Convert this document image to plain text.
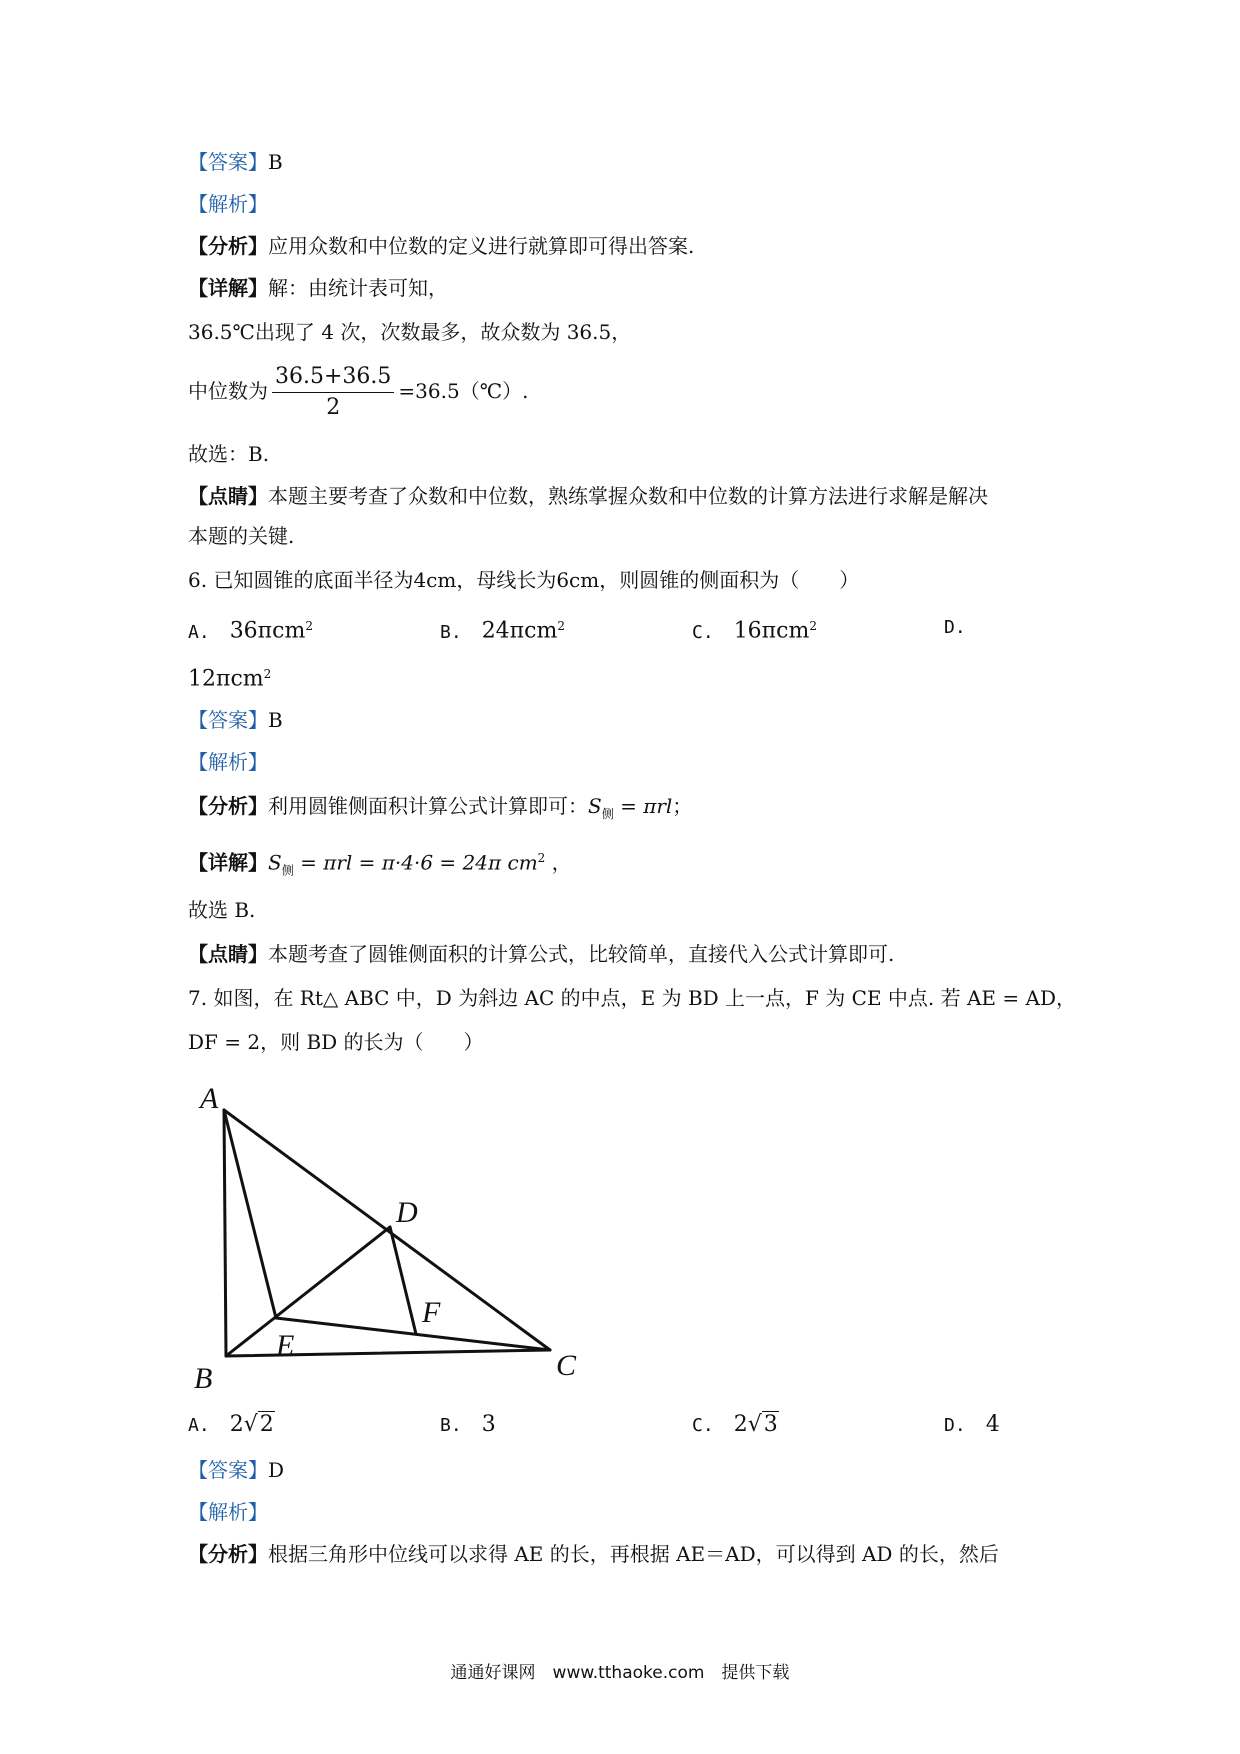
【答案】B
【解析】
【分析】应用众数和中位数的定义进行就算即可得出答案.
【详解】解：由统计表可知，
36.5℃出现了 4 次，次数最多，故众数为 36.5，
中位数为 $\frac{36.5+36.5}{2}$ =36.5（℃）.
故选：B.
【点睛】本题主要考查了众数和中位数，熟练掌握众数和中位数的计算方法进行求解是解决
本题的关键.
6. 已知圆锥的底面半径为4cm，母线长为6cm，则圆锥的侧面积为（　　）
A. 36πcm$^2$	B. 24πcm$^2$	C. 16πcm$^2$	D.
12πcm$^2$
【答案】B
【解析】
【分析】利用圆锥侧面积计算公式计算即可：$S_侧 = \pi rl$；
【详解】$S_侧 = \pi rl = \pi\cdot 4\cdot 6 = 24\pi$ $cm^2$ ，
故选 B.
【点睛】本题考查了圆锥侧面积的计算公式，比较简单，直接代入公式计算即可.
7. 如图，在 Rt△ ABC 中，D 为斜边 AC 的中点，E 为 BD 上一点，F 为 CE 中点. 若 AE = AD，
DF = 2，则 BD 的长为（　　）
A
B	C
D
E
F
A. 2√2	B. 3	C. 2√3	D. 4
【答案】D
【解析】
【分析】根据三角形中位线可以求得 AE 的长，再根据 AE＝AD，可以得到 AD 的长，然后
通通好课网　www.tthaoke.com　提供下载
